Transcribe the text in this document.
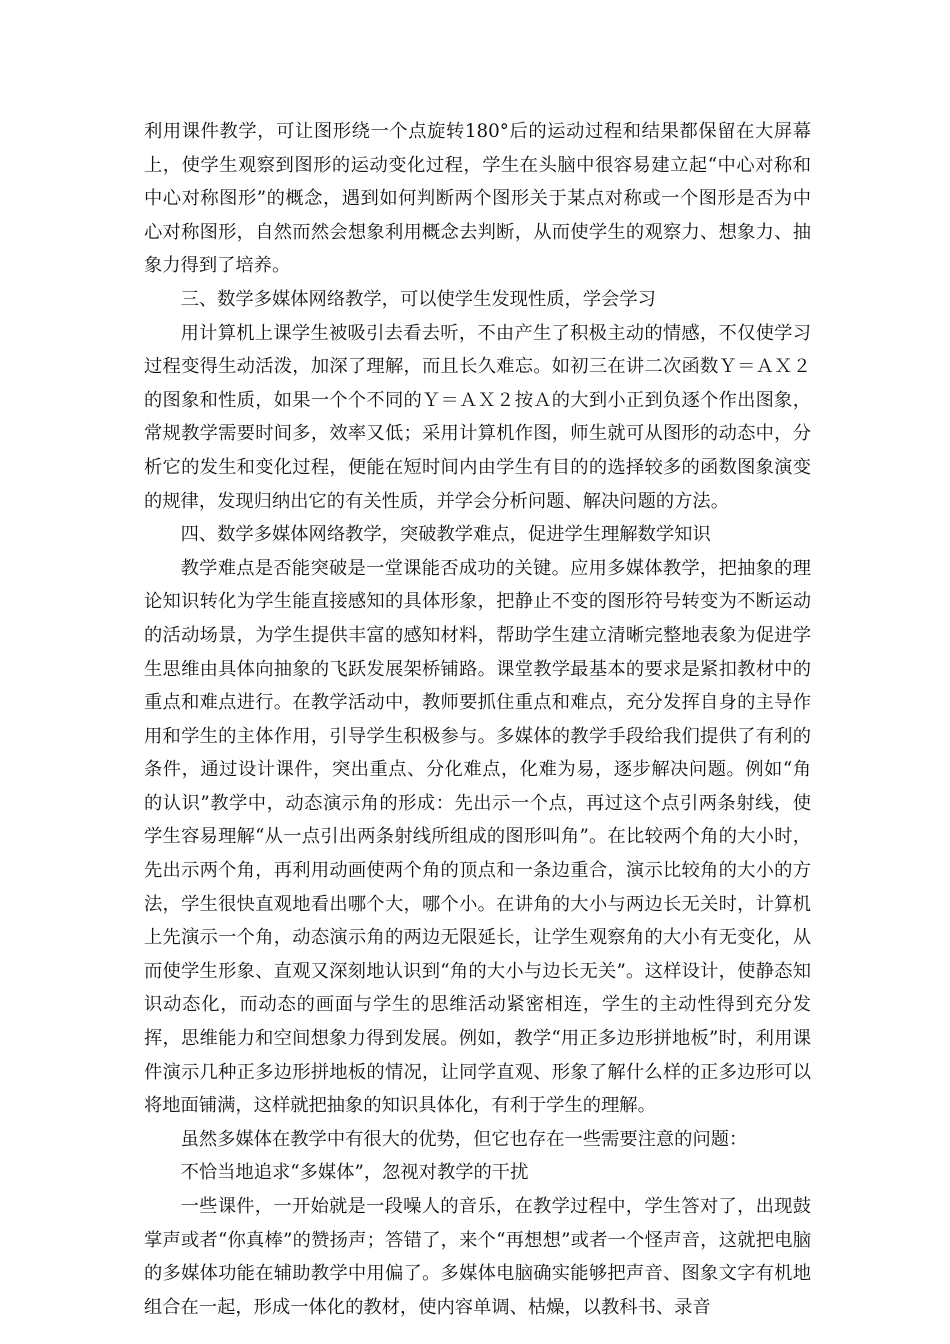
利用课件教学，可让图形绕一个点旋转180°后的运动过程和结果都保留在大屏幕上，使学生观察到图形的运动变化过程，学生在头脑中很容易建立起“中心对称和中心对称图形”的概念，遇到如何判断两个图形关于某点对称或一个图形是否为中心对称图形，自然而然会想象利用概念去判断，从而使学生的观察力、想象力、抽象力得到了培养。

三、数学多媒体网络教学，可以使学生发现性质，学会学习

用计算机上课学生被吸引去看去听，不由产生了积极主动的情感，不仅使学习过程变得生动活泼，加深了理解，而且长久难忘。如初三在讲二次函数Ｙ＝ＡＸ２的图象和性质，如果一个个不同的Ｙ＝ＡＸ２按Ａ的大到小正到负逐个作出图象，常规教学需要时间多，效率又低；采用计算机作图，师生就可从图形的动态中，分析它的发生和变化过程，便能在短时间内由学生有目的的选择较多的函数图象演变的规律，发现归纳出它的有关性质，并学会分析问题、解决问题的方法。

四、数学多媒体网络教学，突破教学难点，促进学生理解数学知识

教学难点是否能突破是一堂课能否成功的关键。应用多媒体教学，把抽象的理论知识转化为学生能直接感知的具体形象，把静止不变的图形符号转变为不断运动的活动场景，为学生提供丰富的感知材料，帮助学生建立清晰完整地表象为促进学生思维由具体向抽象的飞跃发展架桥铺路。课堂教学最基本的要求是紧扣教材中的重点和难点进行。在教学活动中，教师要抓住重点和难点，充分发挥自身的主导作用和学生的主体作用，引导学生积极参与。多媒体的教学手段给我们提供了有利的条件，通过设计课件，突出重点、分化难点，化难为易，逐步解决问题。例如“角的认识”教学中，动态演示角的形成：先出示一个点，再过这个点引两条射线，使学生容易理解“从一点引出两条射线所组成的图形叫角”。在比较两个角的大小时，先出示两个角，再利用动画使两个角的顶点和一条边重合，演示比较角的大小的方法，学生很快直观地看出哪个大，哪个小。在讲角的大小与两边长无关时，计算机上先演示一个角，动态演示角的两边无限延长，让学生观察角的大小有无变化，从而使学生形象、直观又深刻地认识到“角的大小与边长无关”。这样设计，使静态知识动态化，而动态的画面与学生的思维活动紧密相连，学生的主动性得到充分发挥，思维能力和空间想象力得到发展。例如，教学“用正多边形拼地板”时，利用课件演示几种正多边形拼地板的情况，让同学直观、形象了解什么样的正多边形可以将地面铺满，这样就把抽象的知识具体化，有利于学生的理解。

虽然多媒体在教学中有很大的优势，但它也存在一些需要注意的问题：

不恰当地追求“多媒体”，忽视对教学的干扰

一些课件，一开始就是一段噪人的音乐，在教学过程中，学生答对了，出现鼓掌声或者“你真棒”的赞扬声；答错了，来个“再想想”或者一个怪声音，这就把电脑的多媒体功能在辅助教学中用偏了。多媒体电脑确实能够把声音、图象文字有机地组合在一起，形成一体化的教材，使内容单调、枯燥，以教科书、录音
